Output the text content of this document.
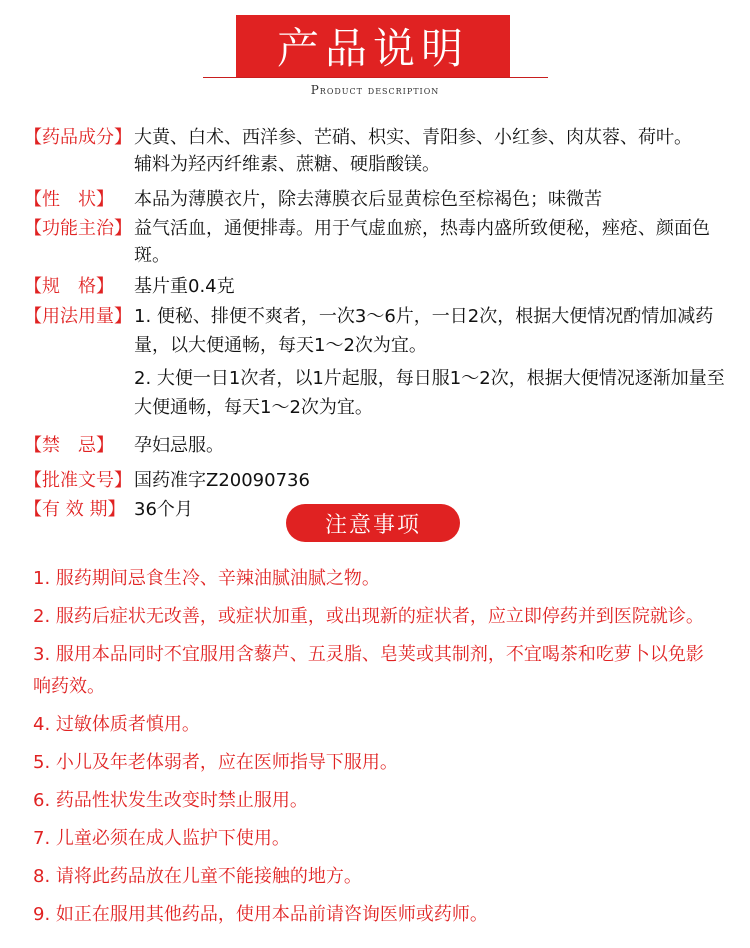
产品说明
Product description
【药品成分】 大黄、白术、西洋参、芒硝、枳实、青阳参、小红参、肉苁蓉、荷叶。
辅料为羟丙纤维素、蔗糖、硬脂酸镁。
【性　状】	本品为薄膜衣片，除去薄膜衣后显黄棕色至棕褐色；味微苦
【功能主治】 益气活血，通便排毒。用于气虚血瘀，热毒内盛所致便秘，痤疮、颜面色斑。
【规　格】	基片重0.4克
【用法用量】 1. 便秘、排便不爽者，一次3～6片，一日2次，根据大便情况酌情加减药量，以大便通畅，每天1～2次为宜。
2. 大便一日1次者，以1片起服，每日服1～2次，根据大便情况逐渐加量至大便通畅，每天1～2次为宜。
【禁　忌】	孕妇忌服。
【批准文号】 国药准字Z20090736
【有 效 期】 36个月
注意事项
1. 服药期间忌食生冷、辛辣油腻油腻之物。
2. 服药后症状无改善，或症状加重，或出现新的症状者，应立即停药并到医院就诊。
3. 服用本品同时不宜服用含藜芦、五灵脂、皂荚或其制剂，不宜喝茶和吃萝卜以免影响药效。
4. 过敏体质者慎用。
5. 小儿及年老体弱者，应在医师指导下服用。
6. 药品性状发生改变时禁止服用。
7. 儿童必须在成人监护下使用。
8. 请将此药品放在儿童不能接触的地方。
9. 如正在服用其他药品，使用本品前请咨询医师或药师。
